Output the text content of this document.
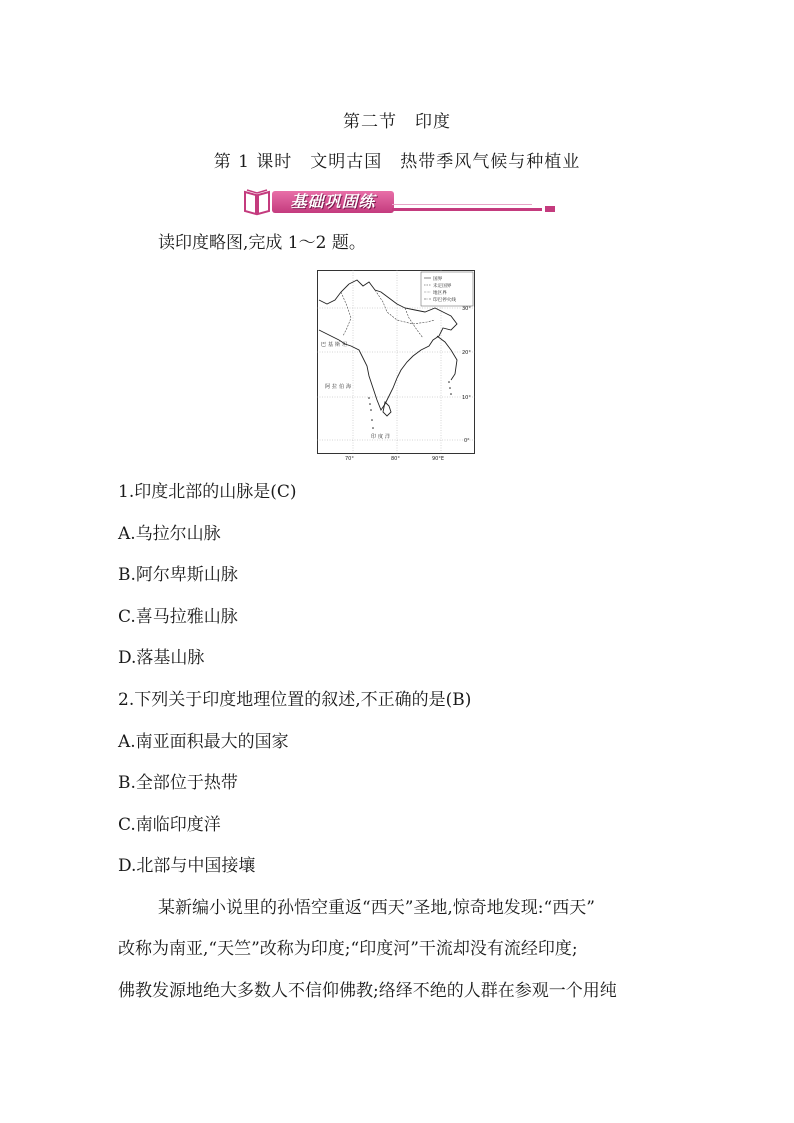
第二节　印度
第 1 课时　文明古国　热带季风气候与种植业
基础巩固练
读印度略图,完成 1～2 题。
国界
未定国界
地区界
印巴停火线
30°
20°
10°
0°
巴基斯坦
阿拉伯海
印度洋
70°	80°	90°E
1.印度北部的山脉是(C)
A.乌拉尔山脉
B.阿尔卑斯山脉
C.喜马拉雅山脉
D.落基山脉
2.下列关于印度地理位置的叙述,不正确的是(B)
A.南亚面积最大的国家
B.全部位于热带
C.南临印度洋
D.北部与中国接壤
某新编小说里的孙悟空重返“西天”圣地,惊奇地发现:“西天”
改称为南亚,“天竺”改称为印度;“印度河”干流却没有流经印度;
佛教发源地绝大多数人不信仰佛教;络绎不绝的人群在参观一个用纯
